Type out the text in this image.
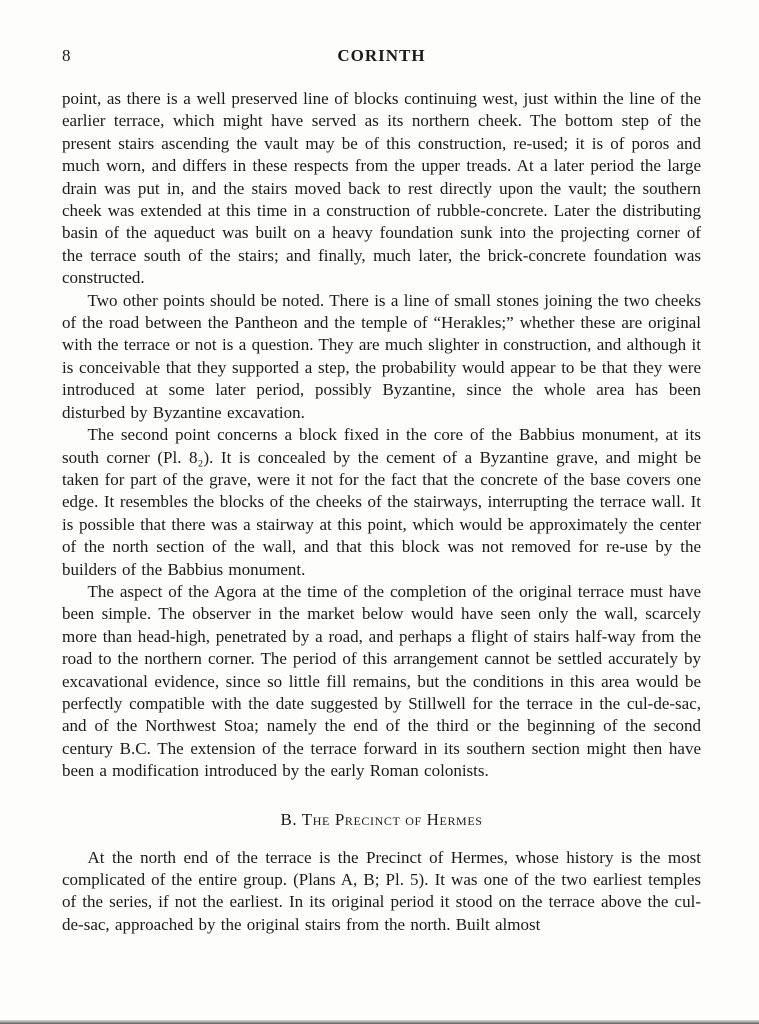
8	CORINTH

point, as there is a well preserved line of blocks continuing west, just within the line of the earlier terrace, which might have served as its northern cheek. The bottom step of the present stairs ascending the vault may be of this construction, re-used; it is of poros and much worn, and differs in these respects from the upper treads. At a later period the large drain was put in, and the stairs moved back to rest directly upon the vault; the southern cheek was extended at this time in a construction of rubble-concrete. Later the distributing basin of the aqueduct was built on a heavy foundation sunk into the projecting corner of the terrace south of the stairs; and finally, much later, the brick-concrete foundation was constructed.

Two other points should be noted. There is a line of small stones joining the two cheeks of the road between the Pantheon and the temple of “Herakles;” whether these are original with the terrace or not is a question. They are much slighter in construction, and although it is conceivable that they supported a step, the probability would appear to be that they were introduced at some later period, possibly Byzantine, since the whole area has been disturbed by Byzantine excavation.

The second point concerns a block fixed in the core of the Babbius monument, at its south corner (Pl. 8₂). It is concealed by the cement of a Byzantine grave, and might be taken for part of the grave, were it not for the fact that the concrete of the base covers one edge. It resembles the blocks of the cheeks of the stairways, interrupting the terrace wall. It is possible that there was a stairway at this point, which would be approximately the center of the north section of the wall, and that this block was not removed for re-use by the builders of the Babbius monument.

The aspect of the Agora at the time of the completion of the original terrace must have been simple. The observer in the market below would have seen only the wall, scarcely more than head-high, penetrated by a road, and perhaps a flight of stairs half-way from the road to the northern corner. The period of this arrangement cannot be settled accurately by excavational evidence, since so little fill remains, but the conditions in this area would be perfectly compatible with the date suggested by Stillwell for the terrace in the cul-de-sac, and of the Northwest Stoa; namely the end of the third or the beginning of the second century B.C. The extension of the terrace forward in its southern section might then have been a modification introduced by the early Roman colonists.

B. The Precinct of Hermes

At the north end of the terrace is the Precinct of Hermes, whose history is the most complicated of the entire group. (Plans A, B; Pl. 5). It was one of the two earliest temples of the series, if not the earliest. In its original period it stood on the terrace above the cul-de-sac, approached by the original stairs from the north. Built almost
